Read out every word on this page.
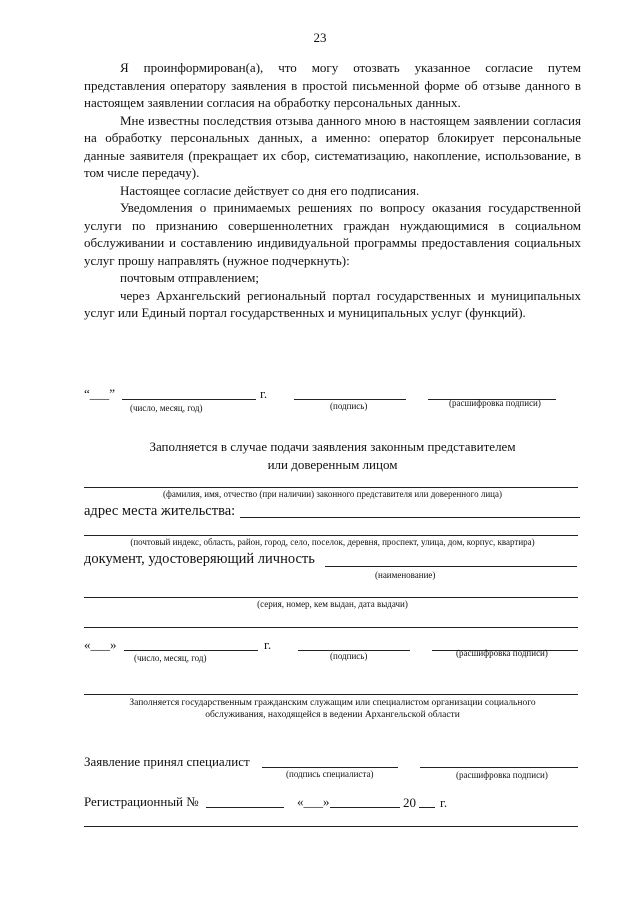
23

Я проинформирован(а), что могу отозвать указанное согласие путем представления оператору заявления в простой письменной форме об отзыве данного в настоящем заявлении согласия на обработку персональных данных.

Мне известны последствия отзыва данного мною в настоящем заявлении согласия на обработку персональных данных, а именно: оператор блокирует персональные данные заявителя (прекращает их сбор, систематизацию, накопление, использование, в том числе передачу).

Настоящее согласие действует со дня его подписания.

Уведомления о принимаемых решениях по вопросу оказания государственной услуги по признанию совершеннолетних граждан нуждающимися в социальном обслуживании и составлению индивидуальной программы предоставления социальных услуг прошу направлять (нужное подчеркнуть):

почтовым отправлением;

через Архангельский региональный портал государственных и муниципальных услуг или Единый портал государственных и муниципальных услуг (функций).

“___”	г.
(число, месяц, год)	(подпись)	(расшифровка подписи)
Заполняется в случае подачи заявления законным представителем
или доверенным лицом
(фамилия, имя, отчество (при наличии) законного представителя или доверенного лица)
адрес места жительства:
(почтовый индекс, область, район, город, село, поселок, деревня, проспект, улица, дом, корпус, квартира)
документ, удостоверяющий личность
(наименование)
(серия, номер, кем выдан, дата выдачи)
«___»	г.
(число, месяц, год)	(подпись)	(расшифровка подписи)
Заполняется государственным гражданским служащим или специалистом организации социального
обслуживания, находящейся в ведении Архангельской области
Заявление принял специалист
(подпись специалиста)	(расшифровка подписи)
Регистрационный №	«___»	20 г.
